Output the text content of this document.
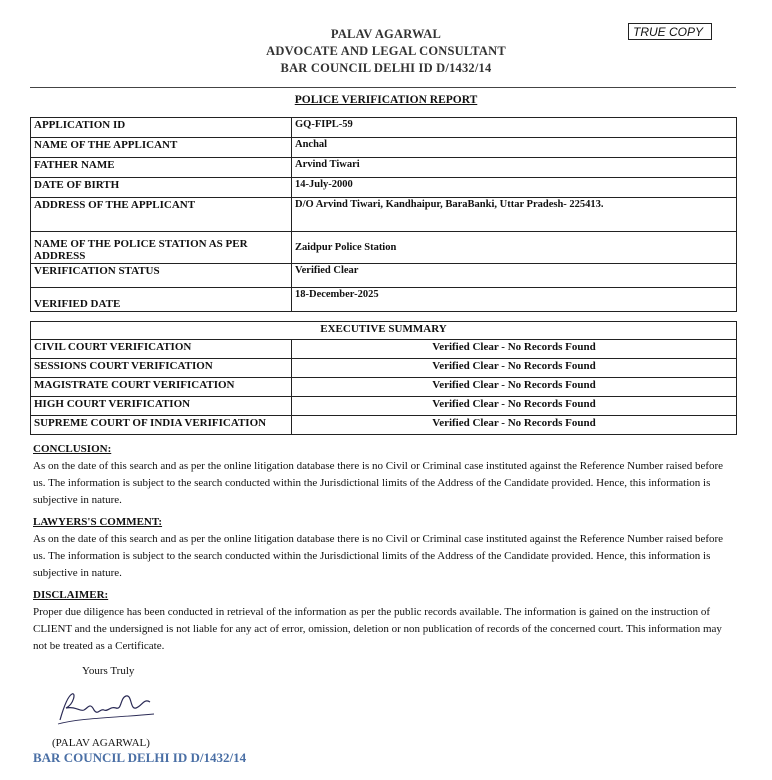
PALAV AGARWAL
ADVOCATE AND LEGAL CONSULTANT
BAR COUNCIL DELHI ID D/1432/14
TRUE COPY
POLICE VERIFICATION REPORT
APPLICATION ID	GQ-FIPL-59
NAME OF THE APPLICANT	Anchal
FATHER NAME	Arvind Tiwari
DATE OF BIRTH	14-July-2000
ADDRESS OF THE APPLICANT	D/O Arvind Tiwari, Kandhaipur, BaraBanki, Uttar Pradesh- 225413.
NAME OF THE POLICE STATION AS PER ADDRESS	Zaidpur Police Station
VERIFICATION STATUS	Verified Clear
VERIFIED DATE	18-December-2025
EXECUTIVE SUMMARY	
CIVIL COURT VERIFICATION	Verified Clear - No Records Found
SESSIONS COURT VERIFICATION	Verified Clear - No Records Found
MAGISTRATE COURT VERIFICATION	Verified Clear - No Records Found
HIGH COURT VERIFICATION	Verified Clear - No Records Found
SUPREME COURT OF INDIA VERIFICATION	Verified Clear - No Records Found
CONCLUSION:
As on the date of this search and as per the online litigation database there is no Civil or Criminal case instituted against the Reference Number raised before us. The information is subject to the search conducted within the Jurisdictional limits of the Address of the Candidate provided. Hence, this information is subjective in nature.
LAWYERS'S COMMENT:
As on the date of this search and as per the online litigation database there is no Civil or Criminal case instituted against the Reference Number raised before us. The information is subject to the search conducted within the Jurisdictional limits of the Address of the Candidate provided. Hence, this information is subjective in nature.
DISCLAIMER:
Proper due diligence has been conducted in retrieval of the information as per the public records available. The information is gained on the instruction of CLIENT and the undersigned is not liable for any act of error, omission, deletion or non publication of records of the concerned court. This information may not be treated as a Certificate.
Yours Truly
(PALAV AGARWAL)
BAR COUNCIL DELHI ID D/1432/14
